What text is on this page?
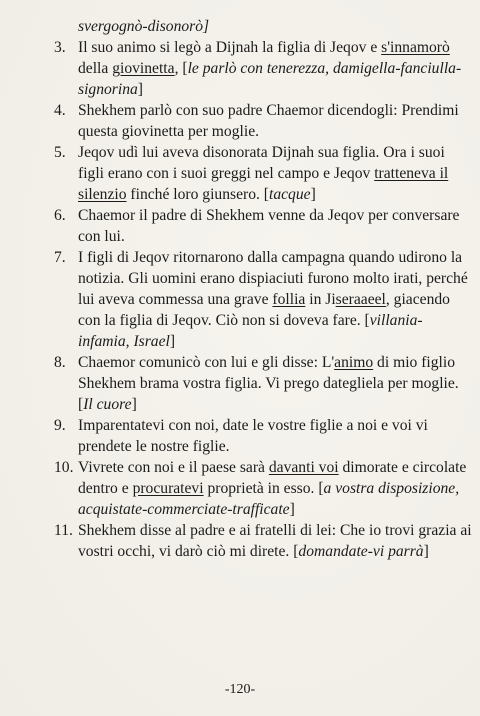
svergognò-disonorò]
3. Il suo animo si legò a Dijnah la figlia di Jeqov e s'innamorò della giovinetta, [le parlò con tenerezza, damigella-fanciulla-signorina]
4. Shekhem parlò con suo padre Chaemor dicendogli: Prendimi questa giovinetta per moglie.
5. Jeqov udì lui aveva disonorata Dijnah sua figlia. Ora i suoi figli erano con i suoi greggi nel campo e Jeqov tratteneva il silenzio finché loro giunsero. [tacque]
6. Chaemor il padre di Shekhem venne da Jeqov per conversare con lui.
7. I figli di Jeqov ritornarono dalla campagna quando udirono la notizia. Gli uomini erano dispiaciuti furono molto irati, perché lui aveva commessa una grave follia in Jiseraaeel, giacendo con la figlia di Jeqov. Ciò non si doveva fare. [villania-infamia, Israel]
8. Chaemor comunicò con lui e gli disse: L'animo di mio figlio Shekhem brama vostra figlia. Vi prego dategliela per moglie. [Il cuore]
9. Imparentatevi con noi, date le vostre figlie a noi e voi vi prendete le nostre figlie.
10. Vivrete con noi e il paese sarà davanti voi dimorate e circolate dentro e procuratevi proprietà in esso. [a vostra disposizione, acquistate-commerciate-trafficate]
11. Shekhem disse al padre e ai fratelli di lei: Che io trovi grazia ai vostri occhi, vi darò ciò mi direte. [domandate-vi parrà]
-120-
